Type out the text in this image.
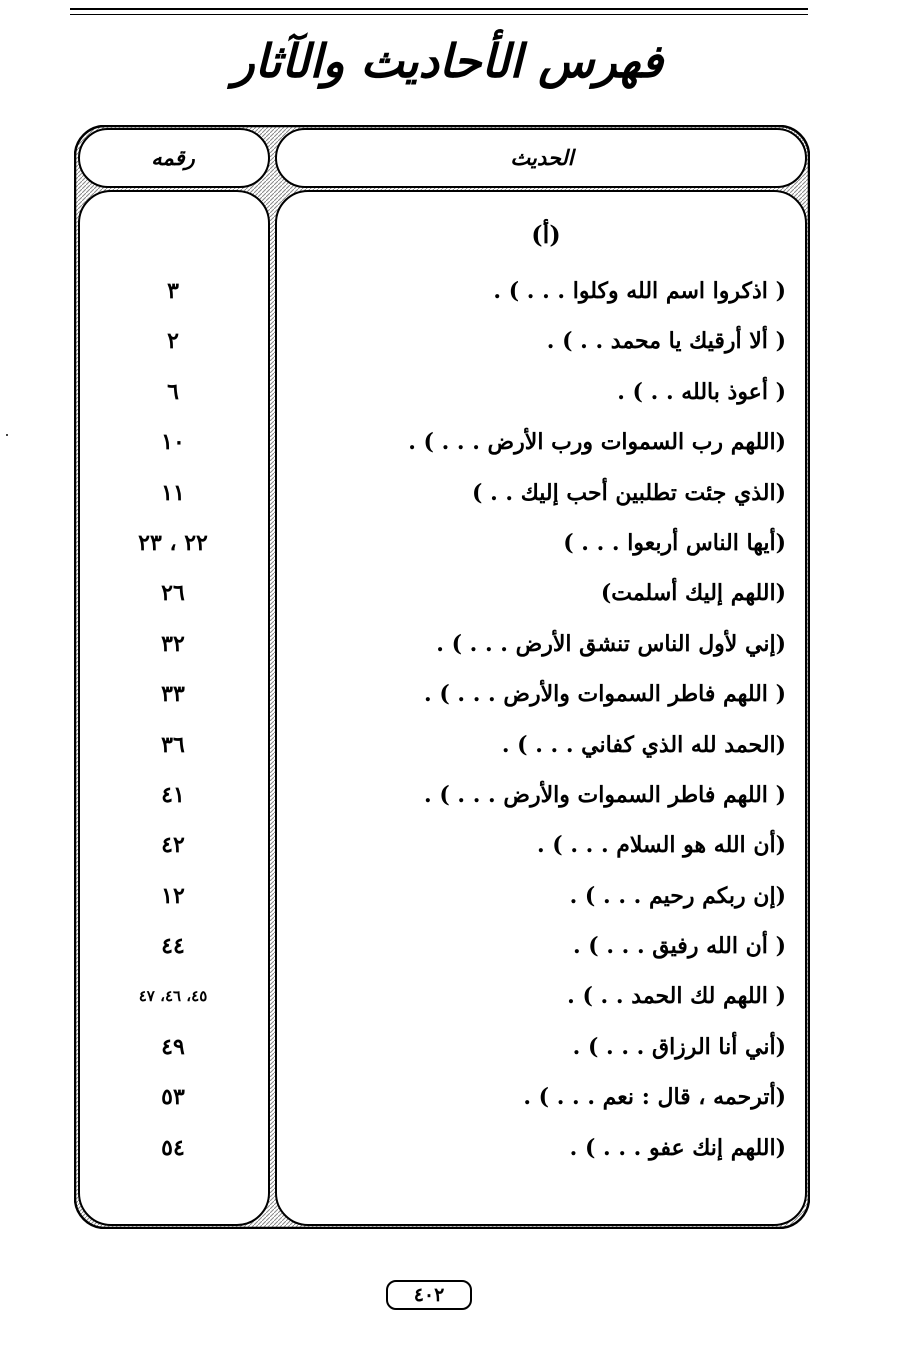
فهرس الأحاديث والآثار
الحديث
رقمه
(أ)
( اذكروا اسم الله وكلوا . . . ) .
٣
( ألا أرقيك يا محمد . . ) .
٢
( أعوذ بالله . . ) .
٦
(اللهم رب السموات ورب الأرض . . . ) .
١٠
(الذي جئت تطلبين أحب إليك . . )
١١
(أيها الناس أربعوا . . . )
٢٢ ، ٢٣
(اللهم إليك أسلمت)
٢٦
(إني لأول الناس تنشق الأرض . . . ) .
٣٢
( اللهم فاطر السموات والأرض . . . ) .
٣٣
(الحمد لله الذي كفاني . . . ) .
٣٦
( اللهم فاطر السموات والأرض . . . ) .
٤١
(أن الله هو السلام . . . ) .
٤٢
(إن ربكم رحيم . . . ) .
١٢
( أن الله رفيق . . . ) .
٤٤
( اللهم لك الحمد . . ) .
٤٥، ٤٦، ٤٧
(أني أنا الرزاق . . . ) .
٤٩
(أترحمه ، قال : نعم . . . ) .
٥٣
(اللهم إنك عفو . . . ) .
٥٤
٤٠٢
